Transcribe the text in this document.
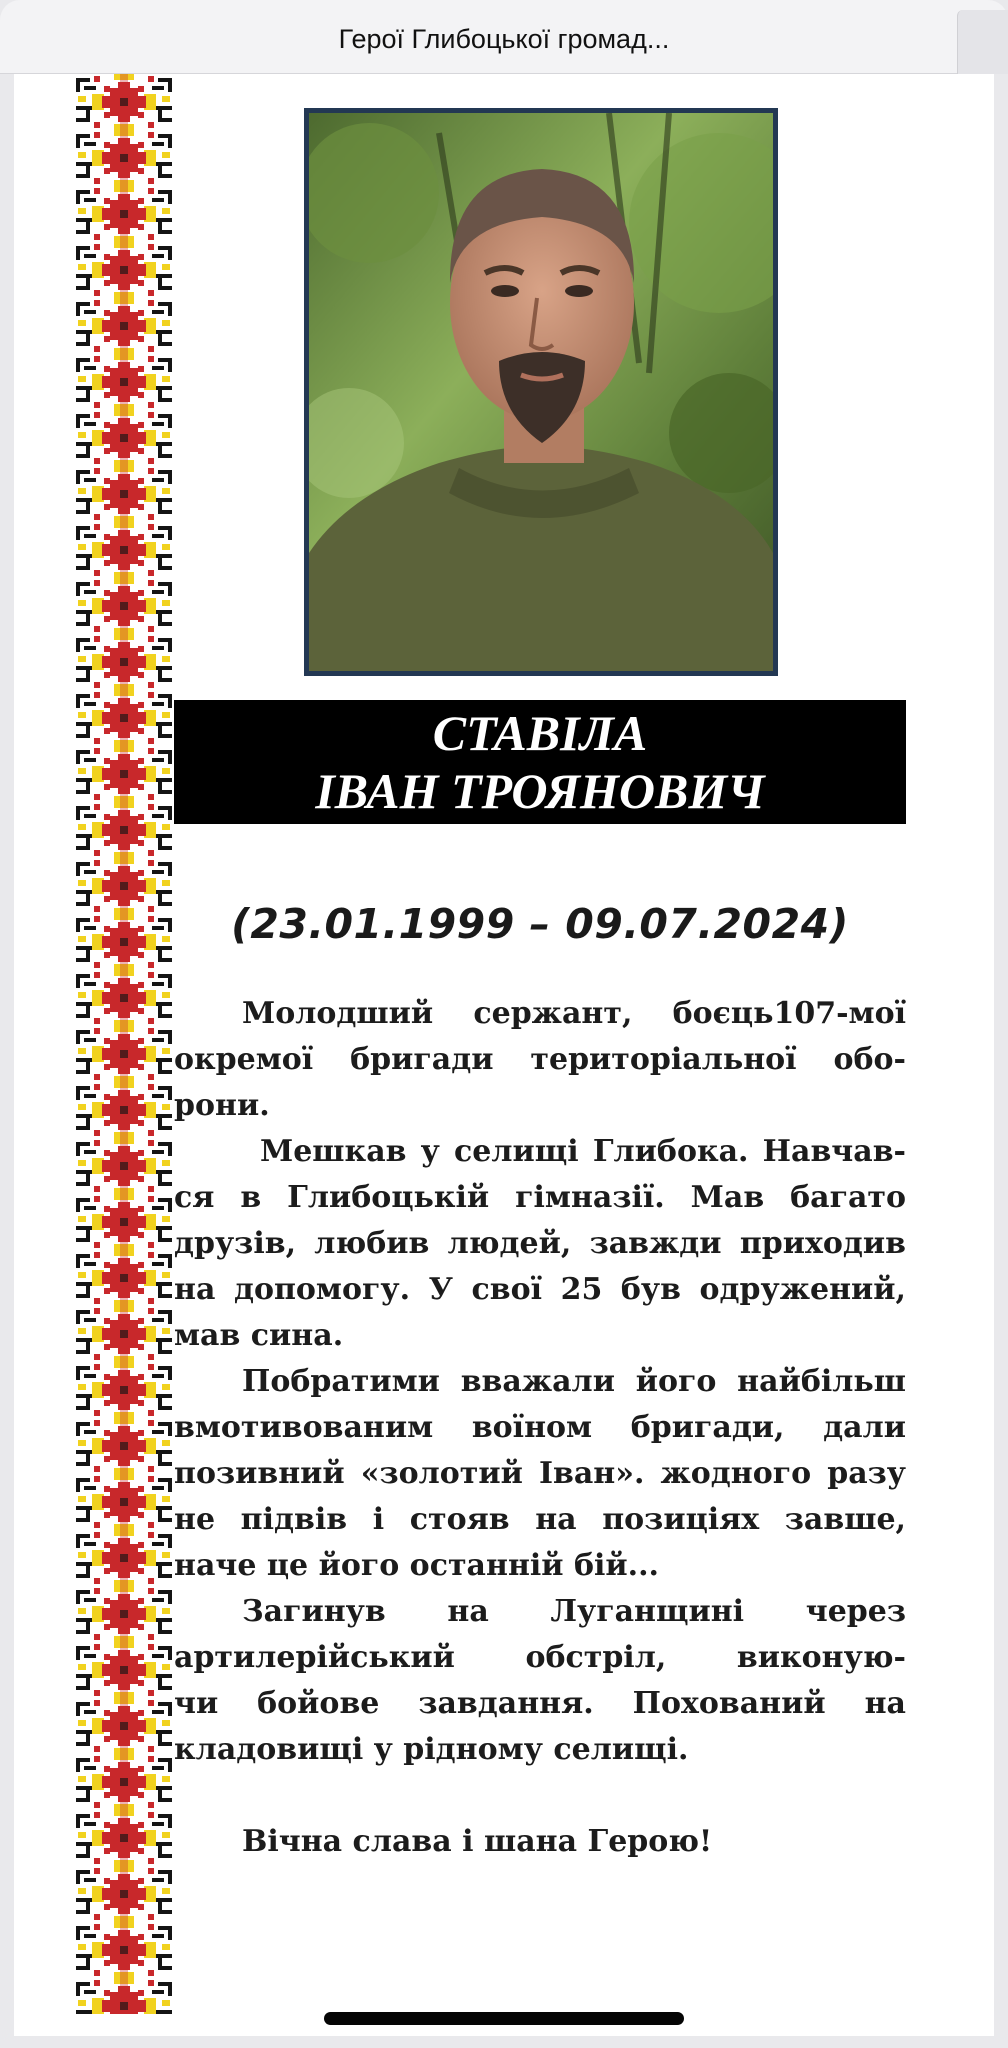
Герої Глибоцької громад...
СТАВІЛА
ІВАН ТРОЯНОВИЧ
(23.01.1999 – 09.07.2024)
Молодший сержант, боєць107-мої
окремої бригади територіальної обо-
рони.
Мешкав у селищі Глибока. Навчав-
ся в Глибоцькій гімназії. Мав багато
друзів, любив людей, завжди приходив
на допомогу. У свої 25 був одружений,
мав сина.
Побратими вважали його найбільш
вмотивованим воїном бригади, дали
позивний «золотий Іван». жодного разу
не підвів і стояв на позиціях завше,
наче це його останній бій...
Загинув на Луганщині через
артилерійський обстріл, виконую-
чи бойове завдання. Похований на
кладовищі у рідному селищі.
Вічна слава і шана Герою!
